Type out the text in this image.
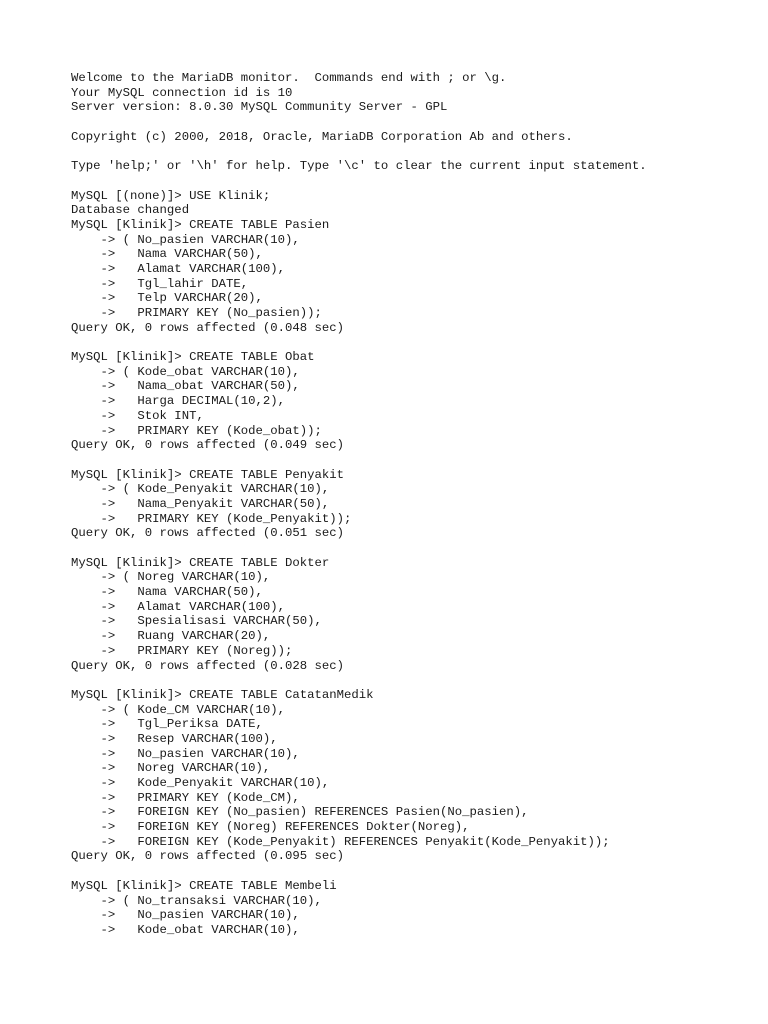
Welcome to the MariaDB monitor.  Commands end with ; or \g.
Your MySQL connection id is 10
Server version: 8.0.30 MySQL Community Server - GPL
Copyright (c) 2000, 2018, Oracle, MariaDB Corporation Ab and others.
Type 'help;' or '\h' for help. Type '\c' to clear the current input statement.
MySQL [(none)]> USE Klinik;
Database changed
MySQL [Klinik]> CREATE TABLE Pasien
-> ( No_pasien VARCHAR(10),
->   Nama VARCHAR(50),
->   Alamat VARCHAR(100),
->   Tgl_lahir DATE,
->   Telp VARCHAR(20),
->   PRIMARY KEY (No_pasien));
Query OK, 0 rows affected (0.048 sec)
MySQL [Klinik]> CREATE TABLE Obat
-> ( Kode_obat VARCHAR(10),
->   Nama_obat VARCHAR(50),
->   Harga DECIMAL(10,2),
->   Stok INT,
->   PRIMARY KEY (Kode_obat));
Query OK, 0 rows affected (0.049 sec)
MySQL [Klinik]> CREATE TABLE Penyakit
-> ( Kode_Penyakit VARCHAR(10),
->   Nama_Penyakit VARCHAR(50),
->   PRIMARY KEY (Kode_Penyakit));
Query OK, 0 rows affected (0.051 sec)
MySQL [Klinik]> CREATE TABLE Dokter
-> ( Noreg VARCHAR(10),
->   Nama VARCHAR(50),
->   Alamat VARCHAR(100),
->   Spesialisasi VARCHAR(50),
->   Ruang VARCHAR(20),
->   PRIMARY KEY (Noreg));
Query OK, 0 rows affected (0.028 sec)
MySQL [Klinik]> CREATE TABLE CatatanMedik
-> ( Kode_CM VARCHAR(10),
->   Tgl_Periksa DATE,
->   Resep VARCHAR(100),
->   No_pasien VARCHAR(10),
->   Noreg VARCHAR(10),
->   Kode_Penyakit VARCHAR(10),
->   PRIMARY KEY (Kode_CM),
->   FOREIGN KEY (No_pasien) REFERENCES Pasien(No_pasien),
->   FOREIGN KEY (Noreg) REFERENCES Dokter(Noreg),
->   FOREIGN KEY (Kode_Penyakit) REFERENCES Penyakit(Kode_Penyakit));
Query OK, 0 rows affected (0.095 sec)
MySQL [Klinik]> CREATE TABLE Membeli
-> ( No_transaksi VARCHAR(10),
->   No_pasien VARCHAR(10),
->   Kode_obat VARCHAR(10),
